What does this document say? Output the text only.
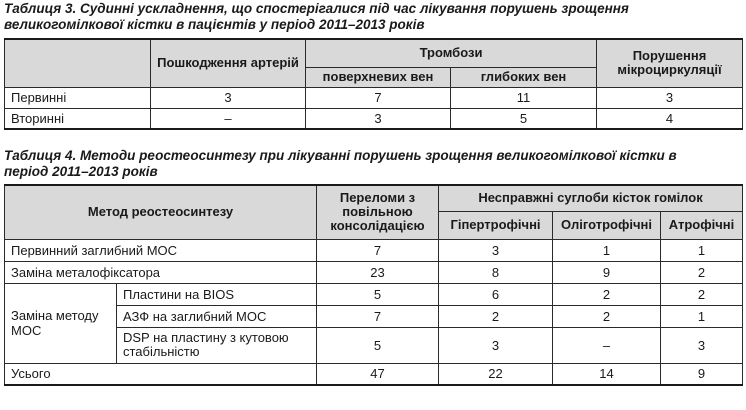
Таблиця 3. Судинні ускладнення, що спостерігалися під час лікування порушень зрощення
великогомілкової кістки в пацієнтів у період 2011–2013 років
	Пошкодження артерій	Тромбози		Порушення мікроциркуляції
		поверхневих вен	глибоких вен	
Первинні	3	7	11	3
Вторинні	–	3	5	4
Таблиця 4. Методи реостеосинтезу при лікуванні порушень зрощення великогомілкової кістки в
період 2011–2013 років
Метод реостеосинтезу		Переломи з повільною консолідацією	Несправжні суглоби кісток гомілок		
			Гіпертрофічні	Оліготрофічні	Атрофічні
Первинний заглибний МОС		7	3	1	1
Заміна металофіксатора		23	8	9	2
Заміна методу МОС	Пластини на BIOS	5	6	2	2
	АЗФ на заглибний МОС	7	2	2	1
	DSP на пластину з кутовою стабільністю	5	3	–	3
Усього		47	22	14	9
